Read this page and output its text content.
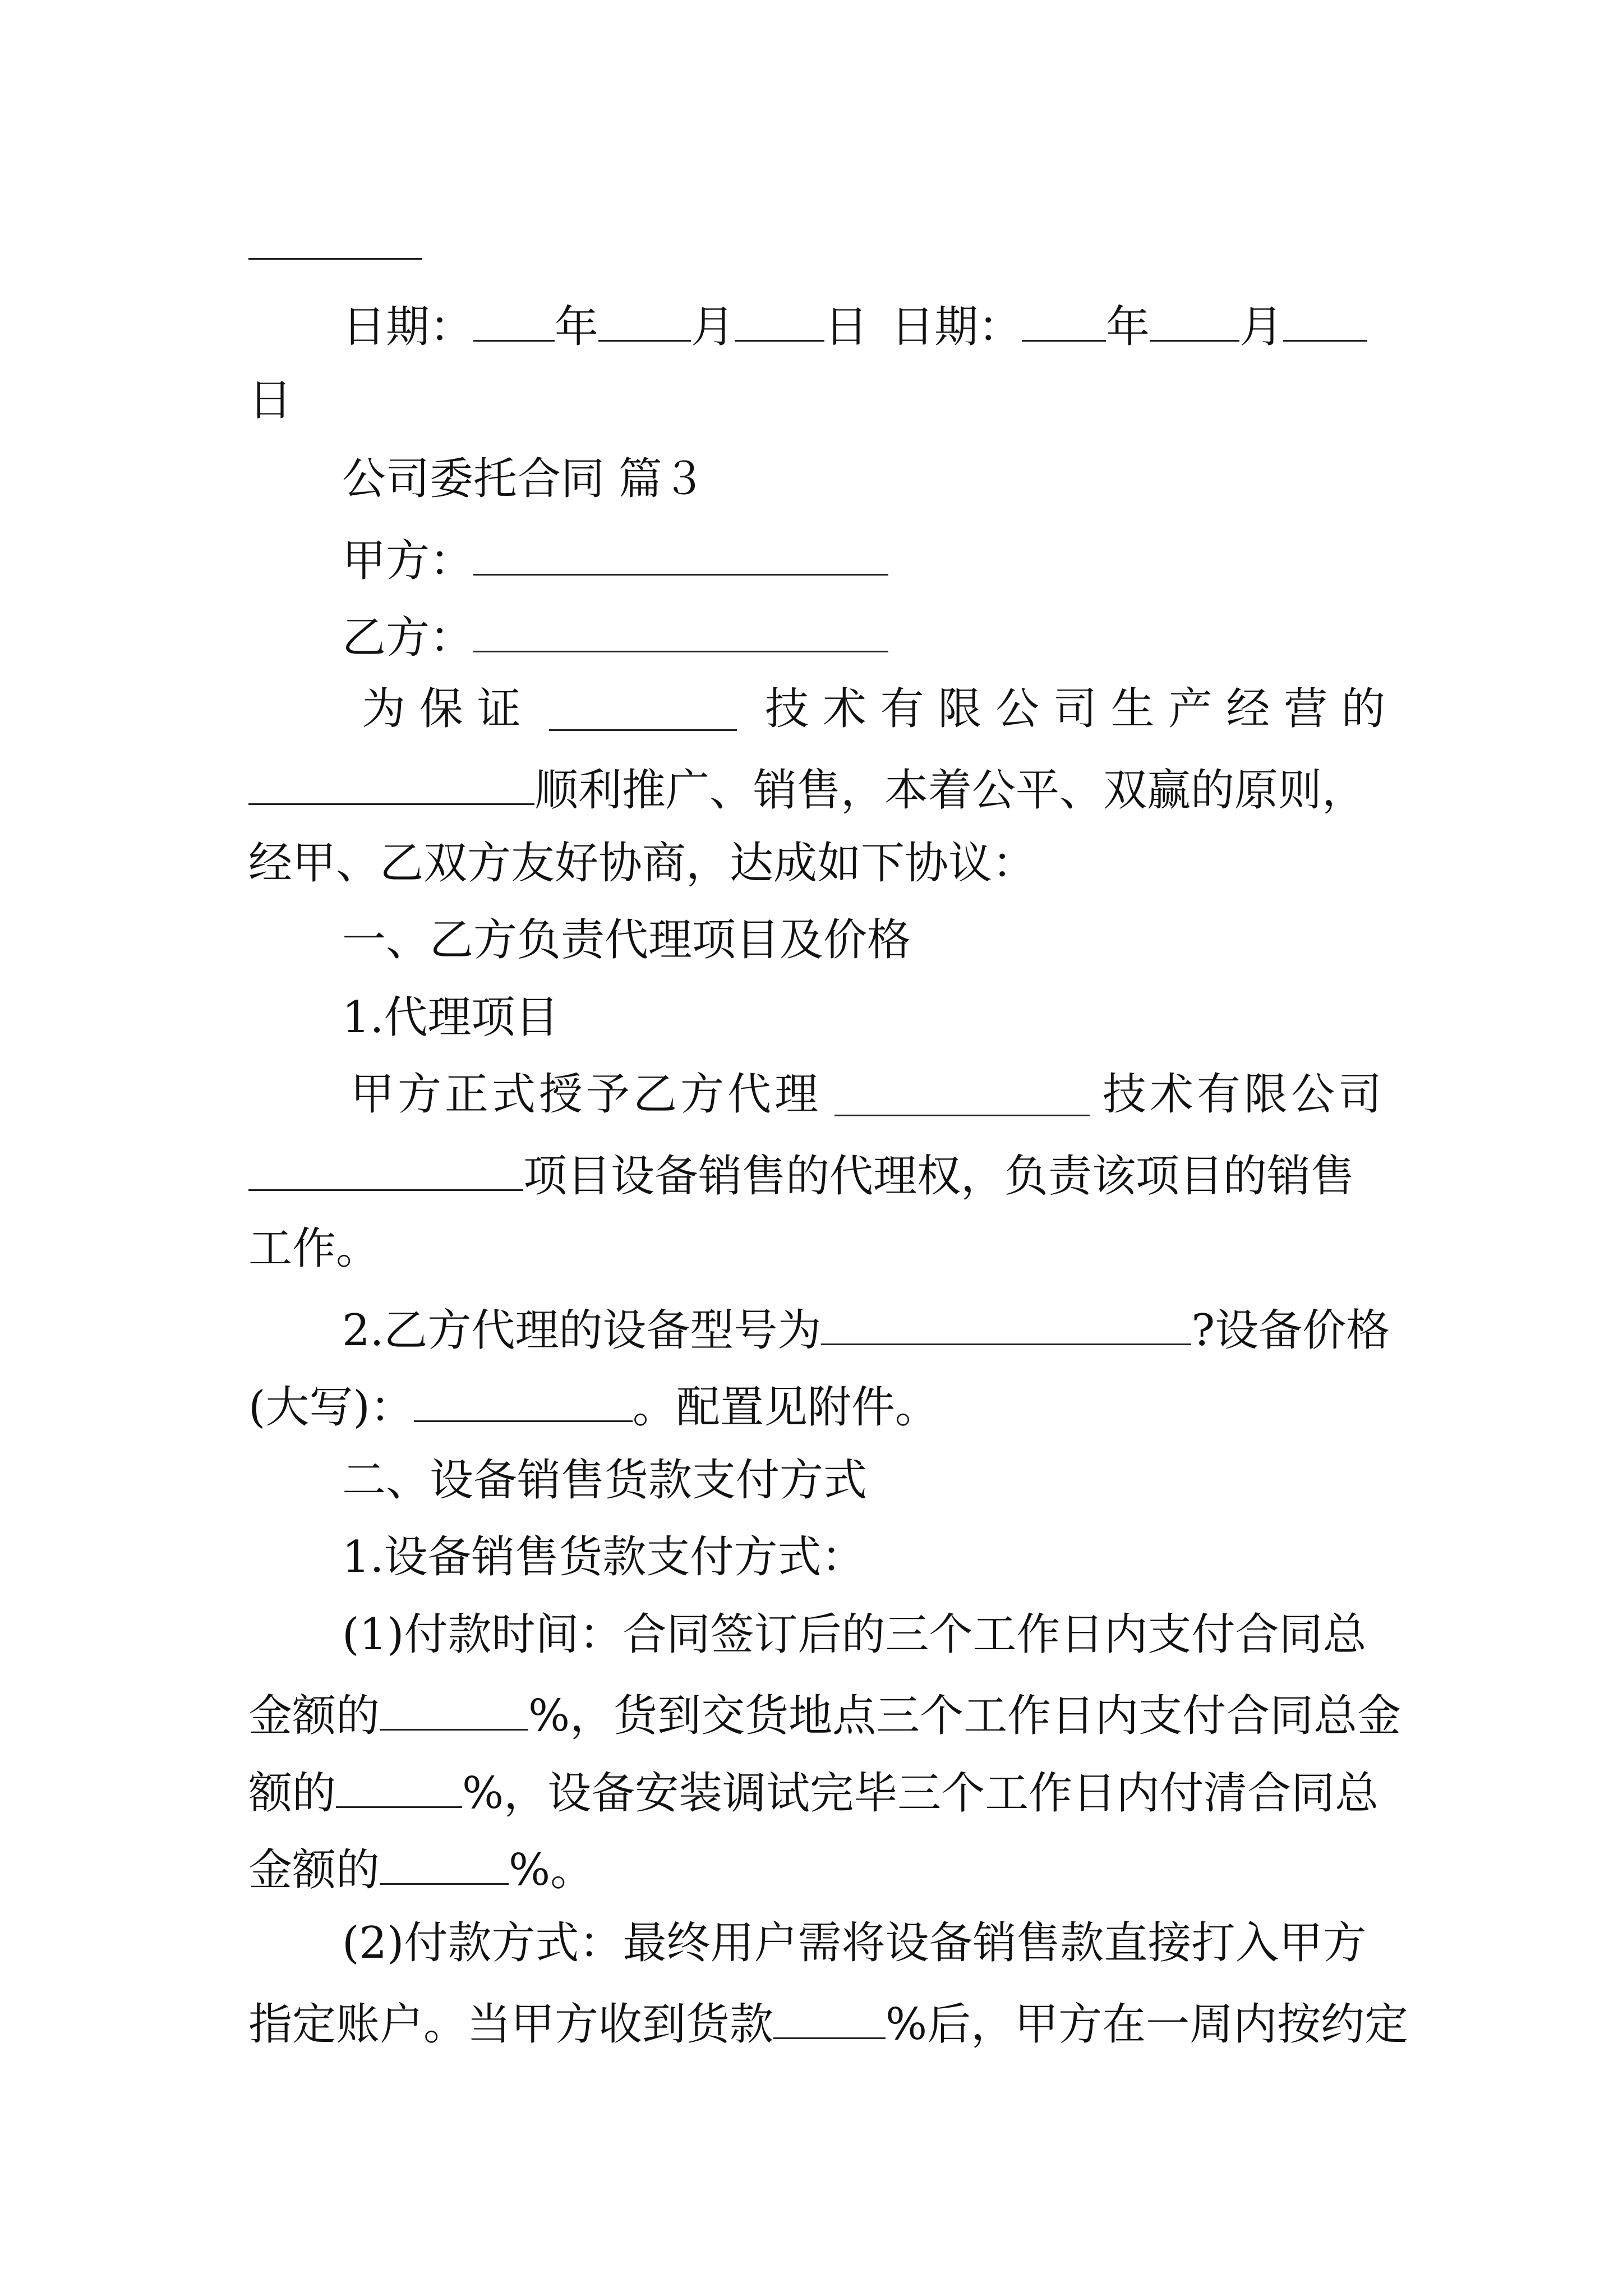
日期： 年 月 日 日期： 年 月
日
公司委托合同 篇３
甲方：
乙方：
为 保 证	技 术 有 限 公 司 生 产 经 营 的
顺利推广、销售，本着公平、双赢的原则，
经甲、乙双方友好协商，达成如下协议：
一、乙方负责代理项目及价格
1.代理项目
甲方正式授予乙方代理	技术有限公司
项目设备销售的代理权，负责该项目的销售
工作。
2.乙方代理的设备型号为	?设备价格
(大写)：	。配置见附件。
二、设备销售货款支付方式
1.设备销售货款支付方式：
(1)付款时间：合同签订后的三个工作日内支付合同总
金额的	%，货到交货地点三个工作日内支付合同总金
额的	%，设备安装调试完毕三个工作日内付清合同总
金额的	%。
(2)付款方式：最终用户需将设备销售款直接打入甲方
指定账户。当甲方收到货款	%后，甲方在一周内按约定
